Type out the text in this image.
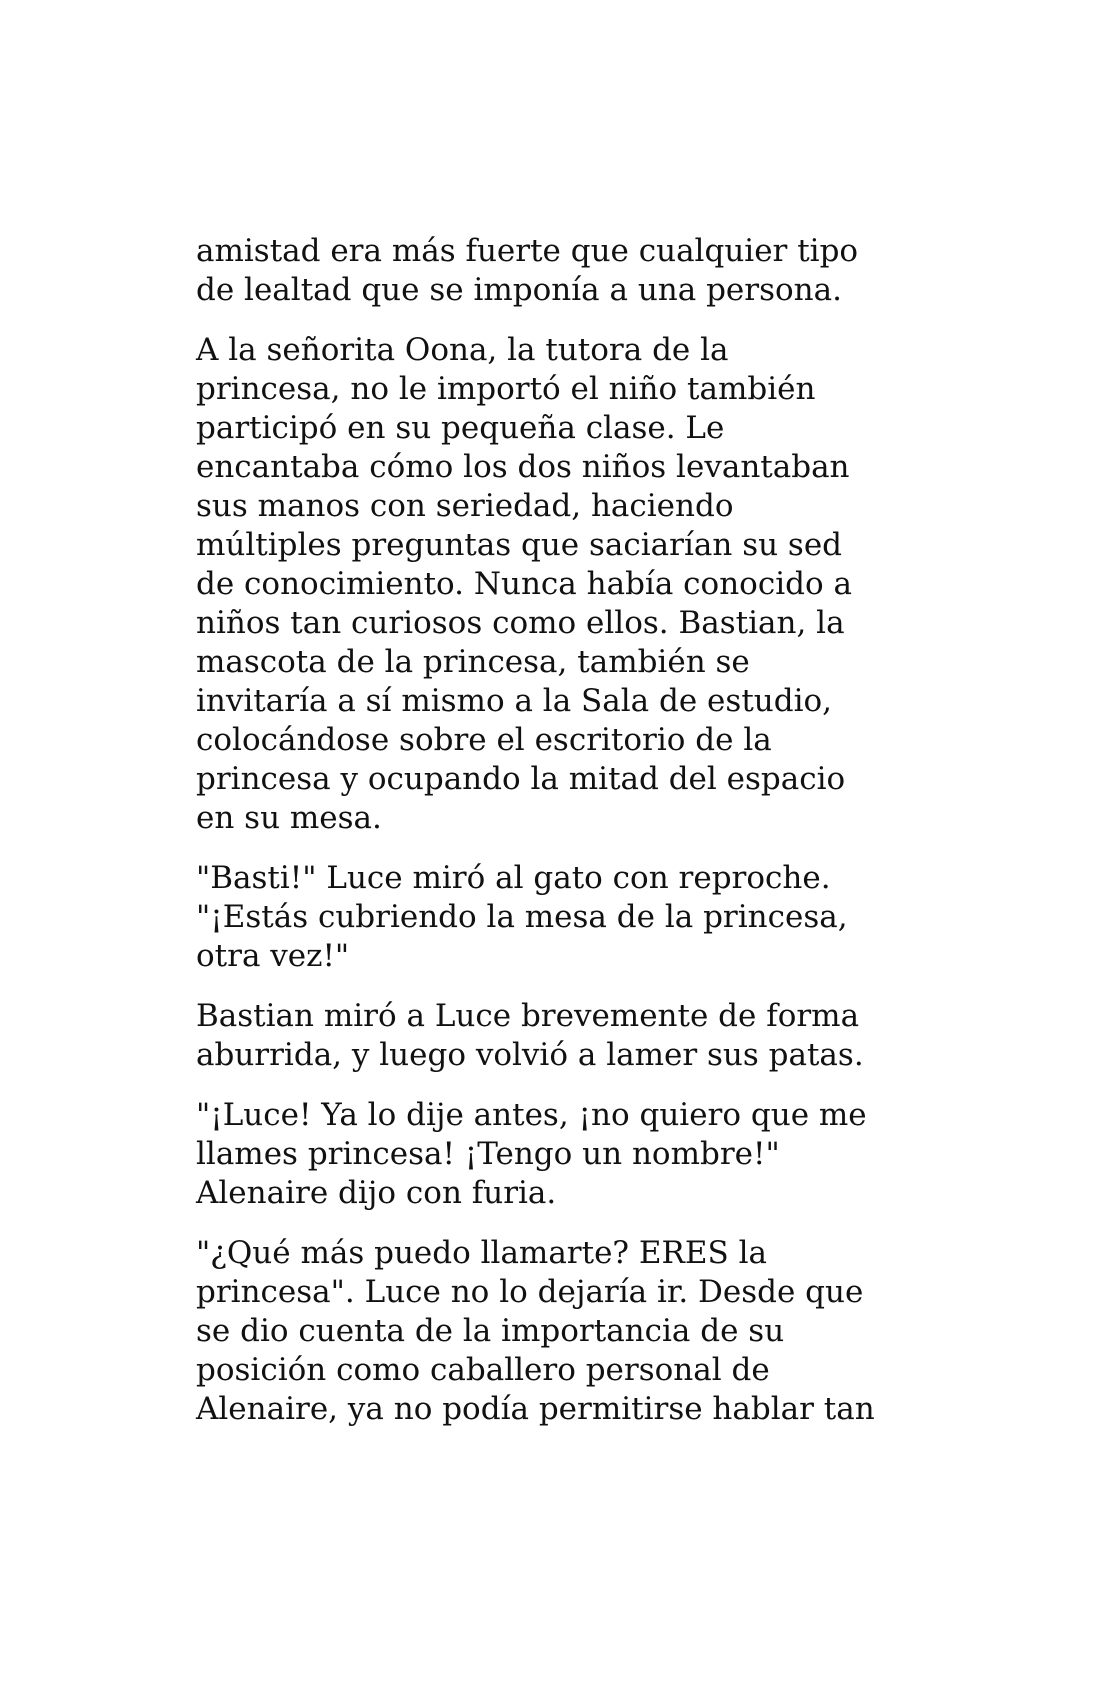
amistad era más fuerte que cualquier tipo
de lealtad que se imponía a una persona.

A la señorita Oona, la tutora de la
princesa, no le importó el niño también
participó en su pequeña clase. Le
encantaba cómo los dos niños levantaban
sus manos con seriedad, haciendo
múltiples preguntas que saciarían su sed
de conocimiento. Nunca había conocido a
niños tan curiosos como ellos. Bastian, la
mascota de la princesa, también se
invitaría a sí mismo a la Sala de estudio,
colocándose sobre el escritorio de la
princesa y ocupando la mitad del espacio
en su mesa.

"Basti!" Luce miró al gato con reproche.
"¡Estás cubriendo la mesa de la princesa,
otra vez!"

Bastian miró a Luce brevemente de forma
aburrida, y luego volvió a lamer sus patas.

"¡Luce! Ya lo dije antes, ¡no quiero que me
llames princesa! ¡Tengo un nombre!"
Alenaire dijo con furia.

"¿Qué más puedo llamarte? ERES la
princesa". Luce no lo dejaría ir. Desde que
se dio cuenta de la importancia de su
posición como caballero personal de
Alenaire, ya no podía permitirse hablar tan
